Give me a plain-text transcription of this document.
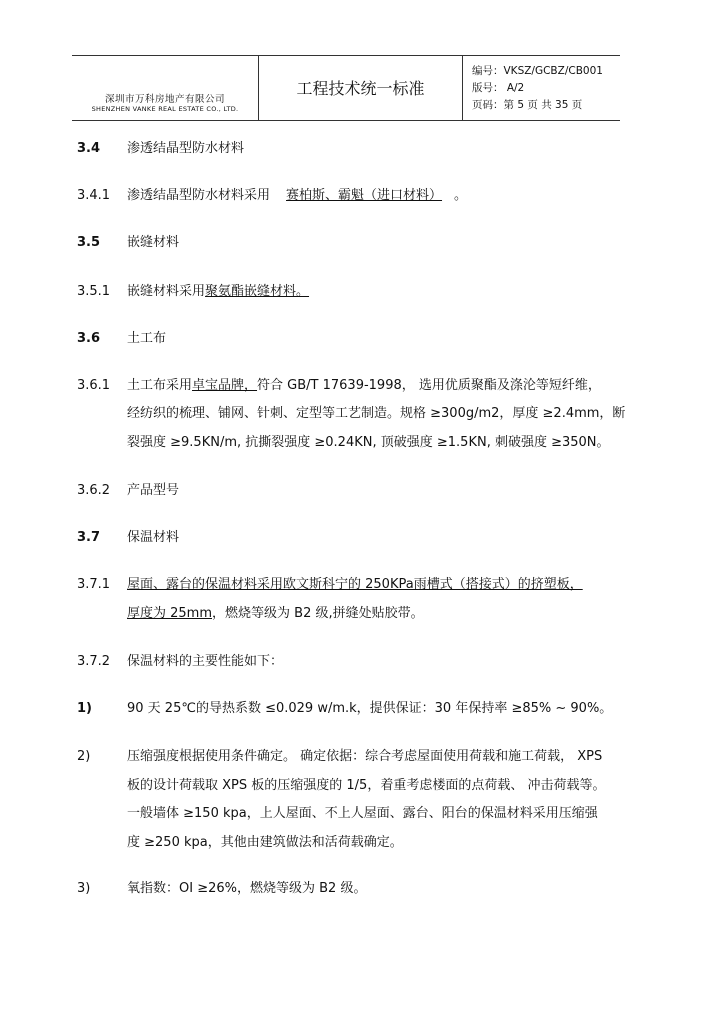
深圳市万科房地产有限公司
SHENZHEN VANKE REAL ESTATE CO., LTD.
工程技术统一标准
编号：VKSZ/GCBZ/CB001
版号： A/2
页码：第 5 页 共 35 页
3.4 渗透结晶型防水材料
3.4.1 渗透结晶型防水材料采用 赛柏斯、霸魁（进口材料） 。
3.5 嵌缝材料
3.5.1 嵌缝材料采用聚氨酯嵌缝材料。
3.6 土工布
3.6.1 土工布采用卓宝品牌，符合 GB/T 17639-1998， 选用优质聚酯及涤沦等短纤维，
经纺织的梳理、铺网、针刺、定型等工艺制造。规格 ≥300g/m2，厚度 ≥2.4mm，断
裂强度 ≥9.5KN/m, 抗撕裂强度 ≥0.24KN, 顶破强度 ≥1.5KN, 刺破强度 ≥350N。
3.6.2 产品型号
3.7 保温材料
3.7.1 屋面、露台的保温材料采用欧文斯科宁的 250KPa雨槽式（搭接式）的挤塑板，
厚度为 25mm，燃烧等级为 B2 级,拼缝处贴胶带。
3.7.2 保温材料的主要性能如下：
1)	90 天 25℃的导热系数 ≤0.029 w/m.k，提供保证：30 年保持率 ≥85% ~ 90%。
2)	压缩强度根据使用条件确定。 确定依据：综合考虑屋面使用荷载和施工荷载， XPS
板的设计荷载取 XPS 板的压缩强度的 1/5，着重考虑楼面的点荷载、 冲击荷载等。
一般墙体 ≥150 kpa，上人屋面、不上人屋面、露台、阳台的保温材料采用压缩强
度 ≥250 kpa，其他由建筑做法和活荷载确定。
3)	氧指数：OI ≥26%，燃烧等级为 B2 级。
